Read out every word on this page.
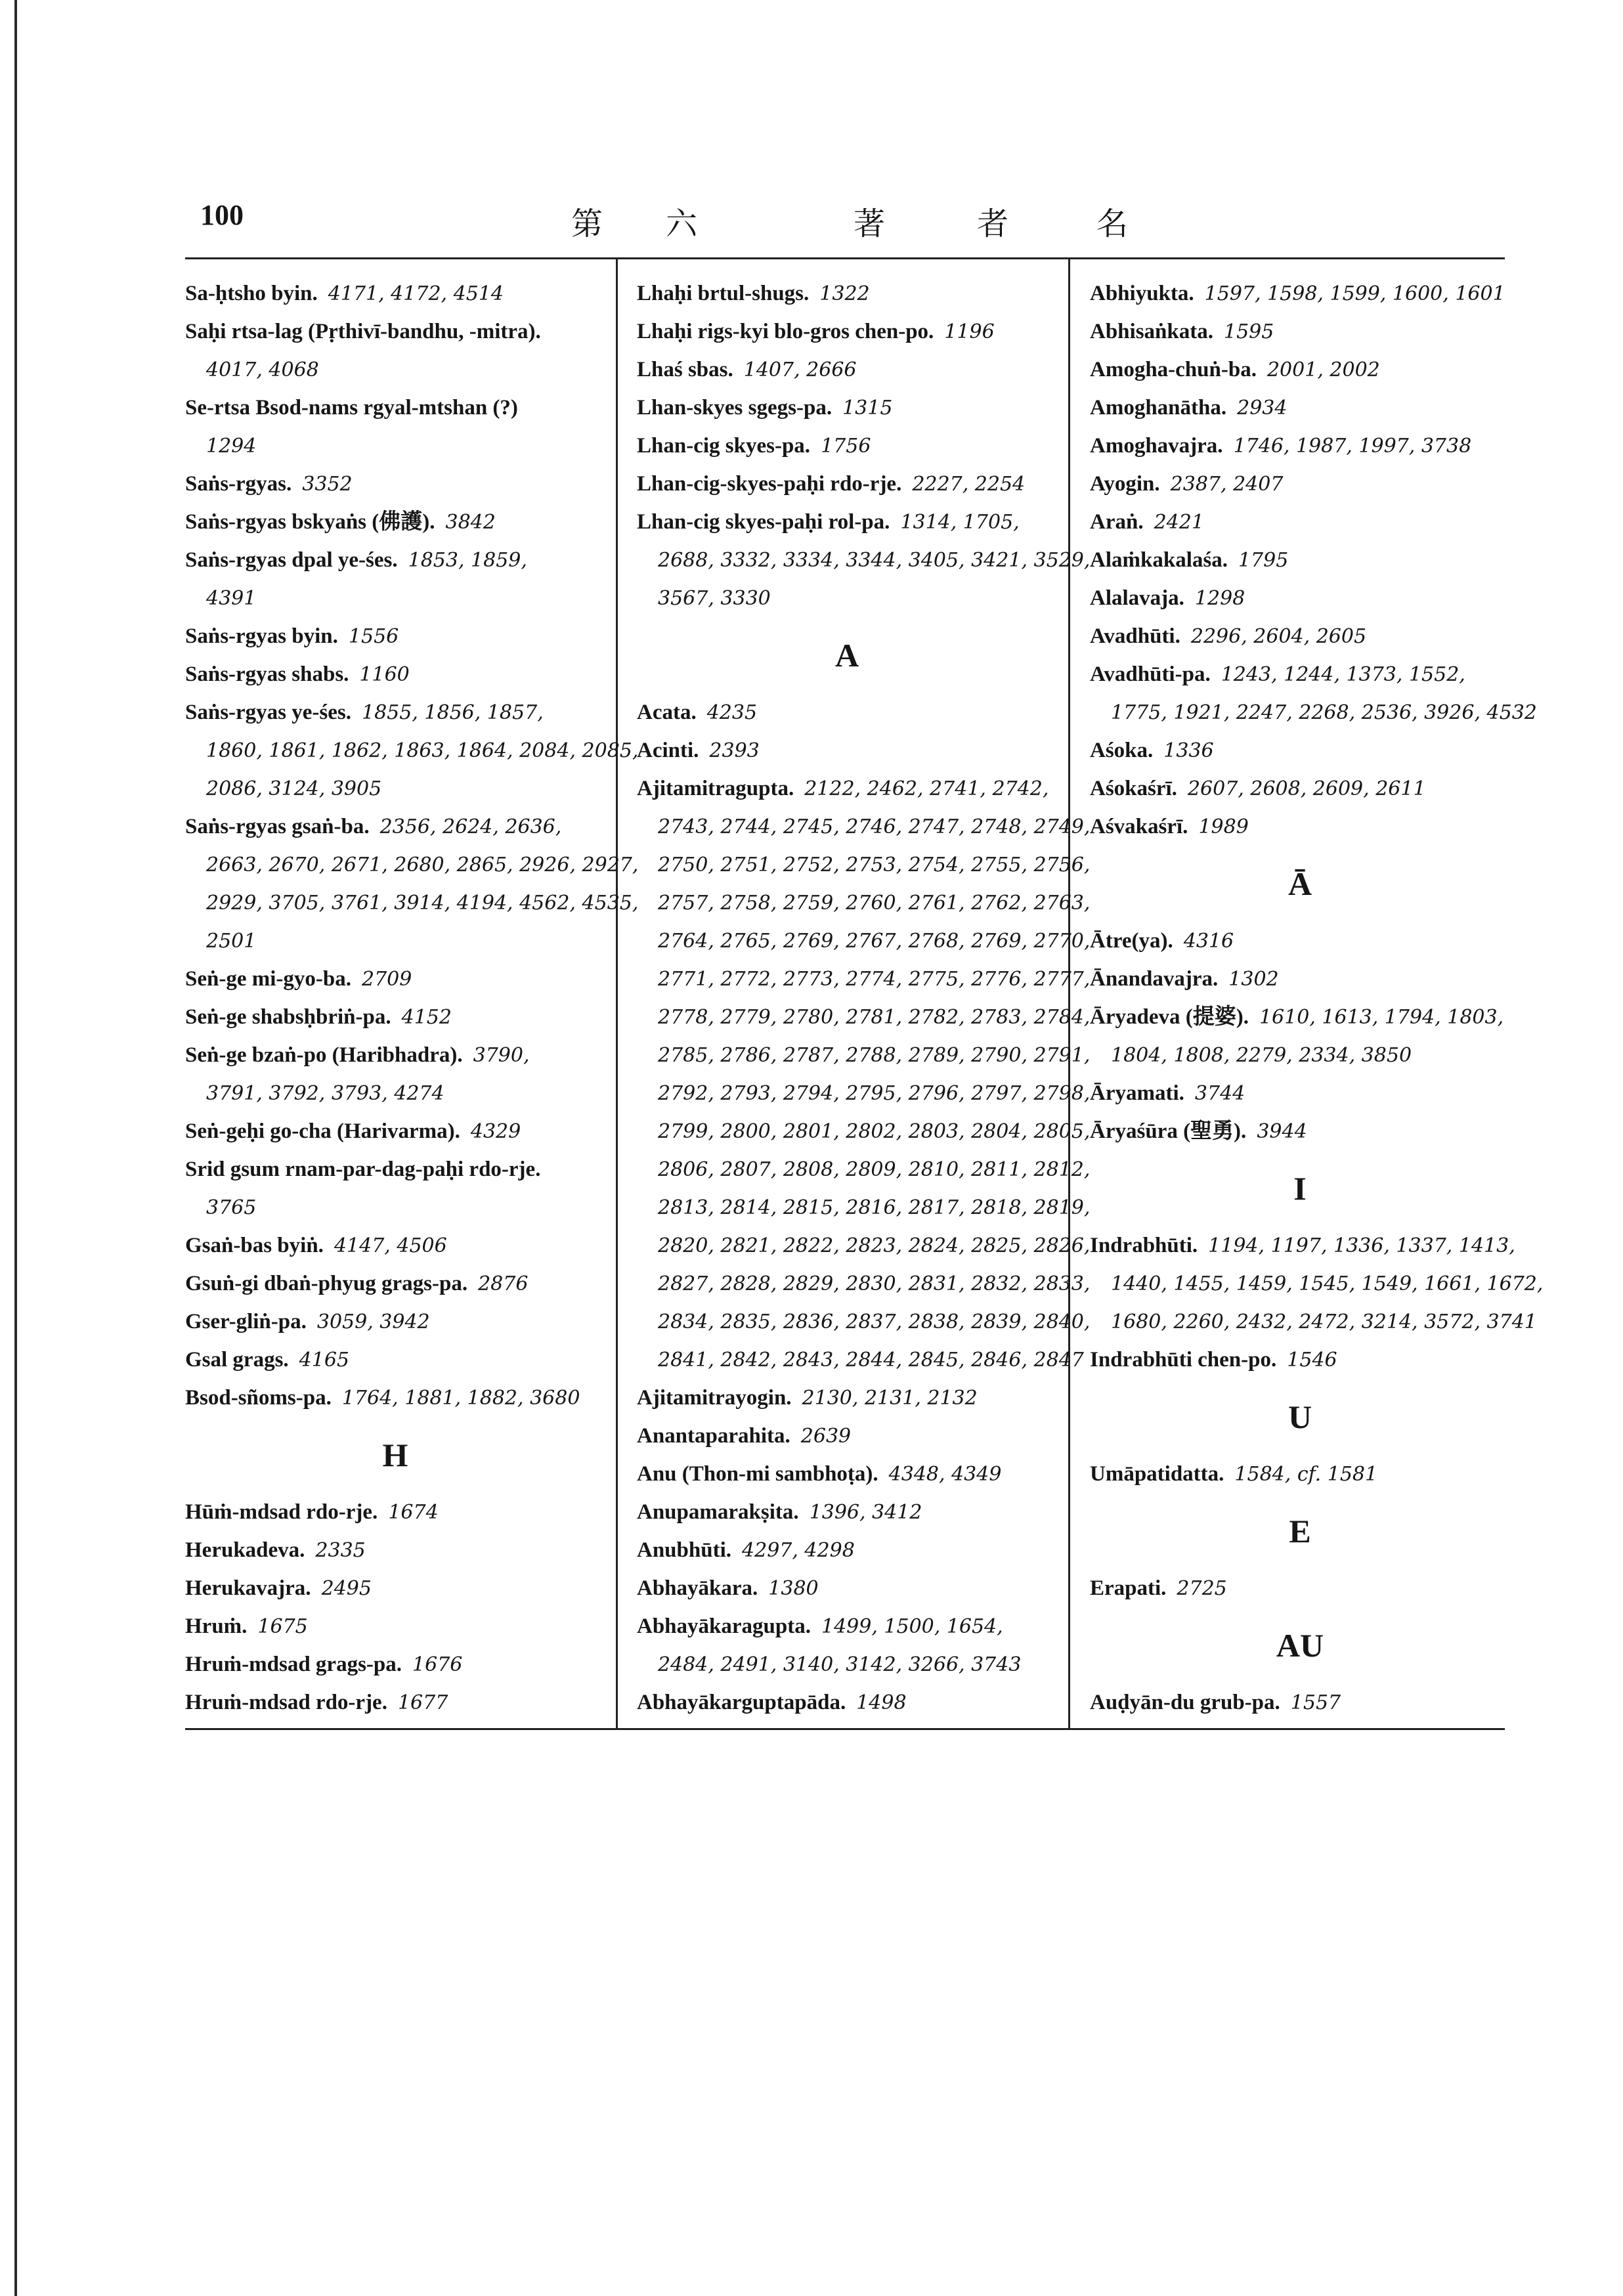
100	第 六	著	者	名
Sa-ḥtsho byin. 4171, 4172, 4514
Saḥi rtsa-lag (Pṛthivī-bandhu, -mitra).
4017, 4068
Se-rtsa Bsod-nams rgyal-mtshan (?)
1294
Saṅs-rgyas. 3352
Saṅs-rgyas bskyaṅs (佛護). 3842
Saṅs-rgyas dpal ye-śes. 1853, 1859,
4391
Saṅs-rgyas byin. 1556
Saṅs-rgyas shabs. 1160
Saṅs-rgyas ye-śes. 1855, 1856, 1857,
1860, 1861, 1862, 1863, 1864, 2084, 2085,
2086, 3124, 3905
Saṅs-rgyas gsaṅ-ba. 2356, 2624, 2636,
2663, 2670, 2671, 2680, 2865, 2926, 2927,
2929, 3705, 3761, 3914, 4194, 4562, 4535,
2501
Seṅ-ge mi-gyo-ba. 2709
Seṅ-ge shabsḥbriṅ-pa. 4152
Seṅ-ge bzaṅ-po (Haribhadra). 3790,
3791, 3792, 3793, 4274
Seṅ-geḥi go-cha (Harivarma). 4329
Srid gsum rnam-par-dag-paḥi rdo-rje.
3765
Gsaṅ-bas byiṅ. 4147, 4506
Gsuṅ-gi dbaṅ-phyug grags-pa. 2876
Gser-gliṅ-pa. 3059, 3942
Gsal grags. 4165
Bsod-sñoms-pa. 1764, 1881, 1882, 3680
H
Hūṁ-mdsad rdo-rje. 1674
Herukadeva. 2335
Herukavajra. 2495
Hruṁ. 1675
Hruṁ-mdsad grags-pa. 1676
Hruṁ-mdsad rdo-rje. 1677
Lhaḥi brtul-shugs. 1322
Lhaḥi rigs-kyi blo-gros chen-po. 1196
Lhaś sbas. 1407, 2666
Lhan-skyes sgegs-pa. 1315
Lhan-cig skyes-pa. 1756
Lhan-cig-skyes-paḥi rdo-rje. 2227, 2254
Lhan-cig skyes-paḥi rol-pa. 1314, 1705,
2688, 3332, 3334, 3344, 3405, 3421, 3529,
3567, 3330
A
Acata. 4235
Acinti. 2393
Ajitamitragupta. 2122, 2462, 2741, 2742,
2743, 2744, 2745, 2746, 2747, 2748, 2749,
2750, 2751, 2752, 2753, 2754, 2755, 2756,
2757, 2758, 2759, 2760, 2761, 2762, 2763,
2764, 2765, 2769, 2767, 2768, 2769, 2770,
2771, 2772, 2773, 2774, 2775, 2776, 2777,
2778, 2779, 2780, 2781, 2782, 2783, 2784,
2785, 2786, 2787, 2788, 2789, 2790, 2791,
2792, 2793, 2794, 2795, 2796, 2797, 2798,
2799, 2800, 2801, 2802, 2803, 2804, 2805,
2806, 2807, 2808, 2809, 2810, 2811, 2812,
2813, 2814, 2815, 2816, 2817, 2818, 2819,
2820, 2821, 2822, 2823, 2824, 2825, 2826,
2827, 2828, 2829, 2830, 2831, 2832, 2833,
2834, 2835, 2836, 2837, 2838, 2839, 2840,
2841, 2842, 2843, 2844, 2845, 2846, 2847
Ajitamitrayogin. 2130, 2131, 2132
Anantaparahita. 2639
Anu (Thon-mi sambhoṭa). 4348, 4349
Anupamarakṣita. 1396, 3412
Anubhūti. 4297, 4298
Abhayākara. 1380
Abhayākaragupta. 1499, 1500, 1654,
2484, 2491, 3140, 3142, 3266, 3743
Abhayākarguptapāda. 1498
Abhiyukta. 1597, 1598, 1599, 1600, 1601
Abhisaṅkata. 1595
Amogha-chuṅ-ba. 2001, 2002
Amoghanātha. 2934
Amoghavajra. 1746, 1987, 1997, 3738
Ayogin. 2387, 2407
Araṅ. 2421
Alaṁkakalaśa. 1795
Alalavaja. 1298
Avadhūti. 2296, 2604, 2605
Avadhūti-pa. 1243, 1244, 1373, 1552,
1775, 1921, 2247, 2268, 2536, 3926, 4532
Aśoka. 1336
Aśokaśrī. 2607, 2608, 2609, 2611
Aśvakaśrī. 1989
Ā
Ātre(ya). 4316
Ānandavajra. 1302
Āryadeva (提婆). 1610, 1613, 1794, 1803,
1804, 1808, 2279, 2334, 3850
Āryamati. 3744
Āryaśūra (聖勇). 3944
I
Indrabhūti. 1194, 1197, 1336, 1337, 1413,
1440, 1455, 1459, 1545, 1549, 1661, 1672,
1680, 2260, 2432, 2472, 3214, 3572, 3741
Indrabhūti chen-po. 1546
U
Umāpatidatta. 1584, cf. 1581
E
Erapati. 2725
AU
Auḍyān-du grub-pa. 1557
